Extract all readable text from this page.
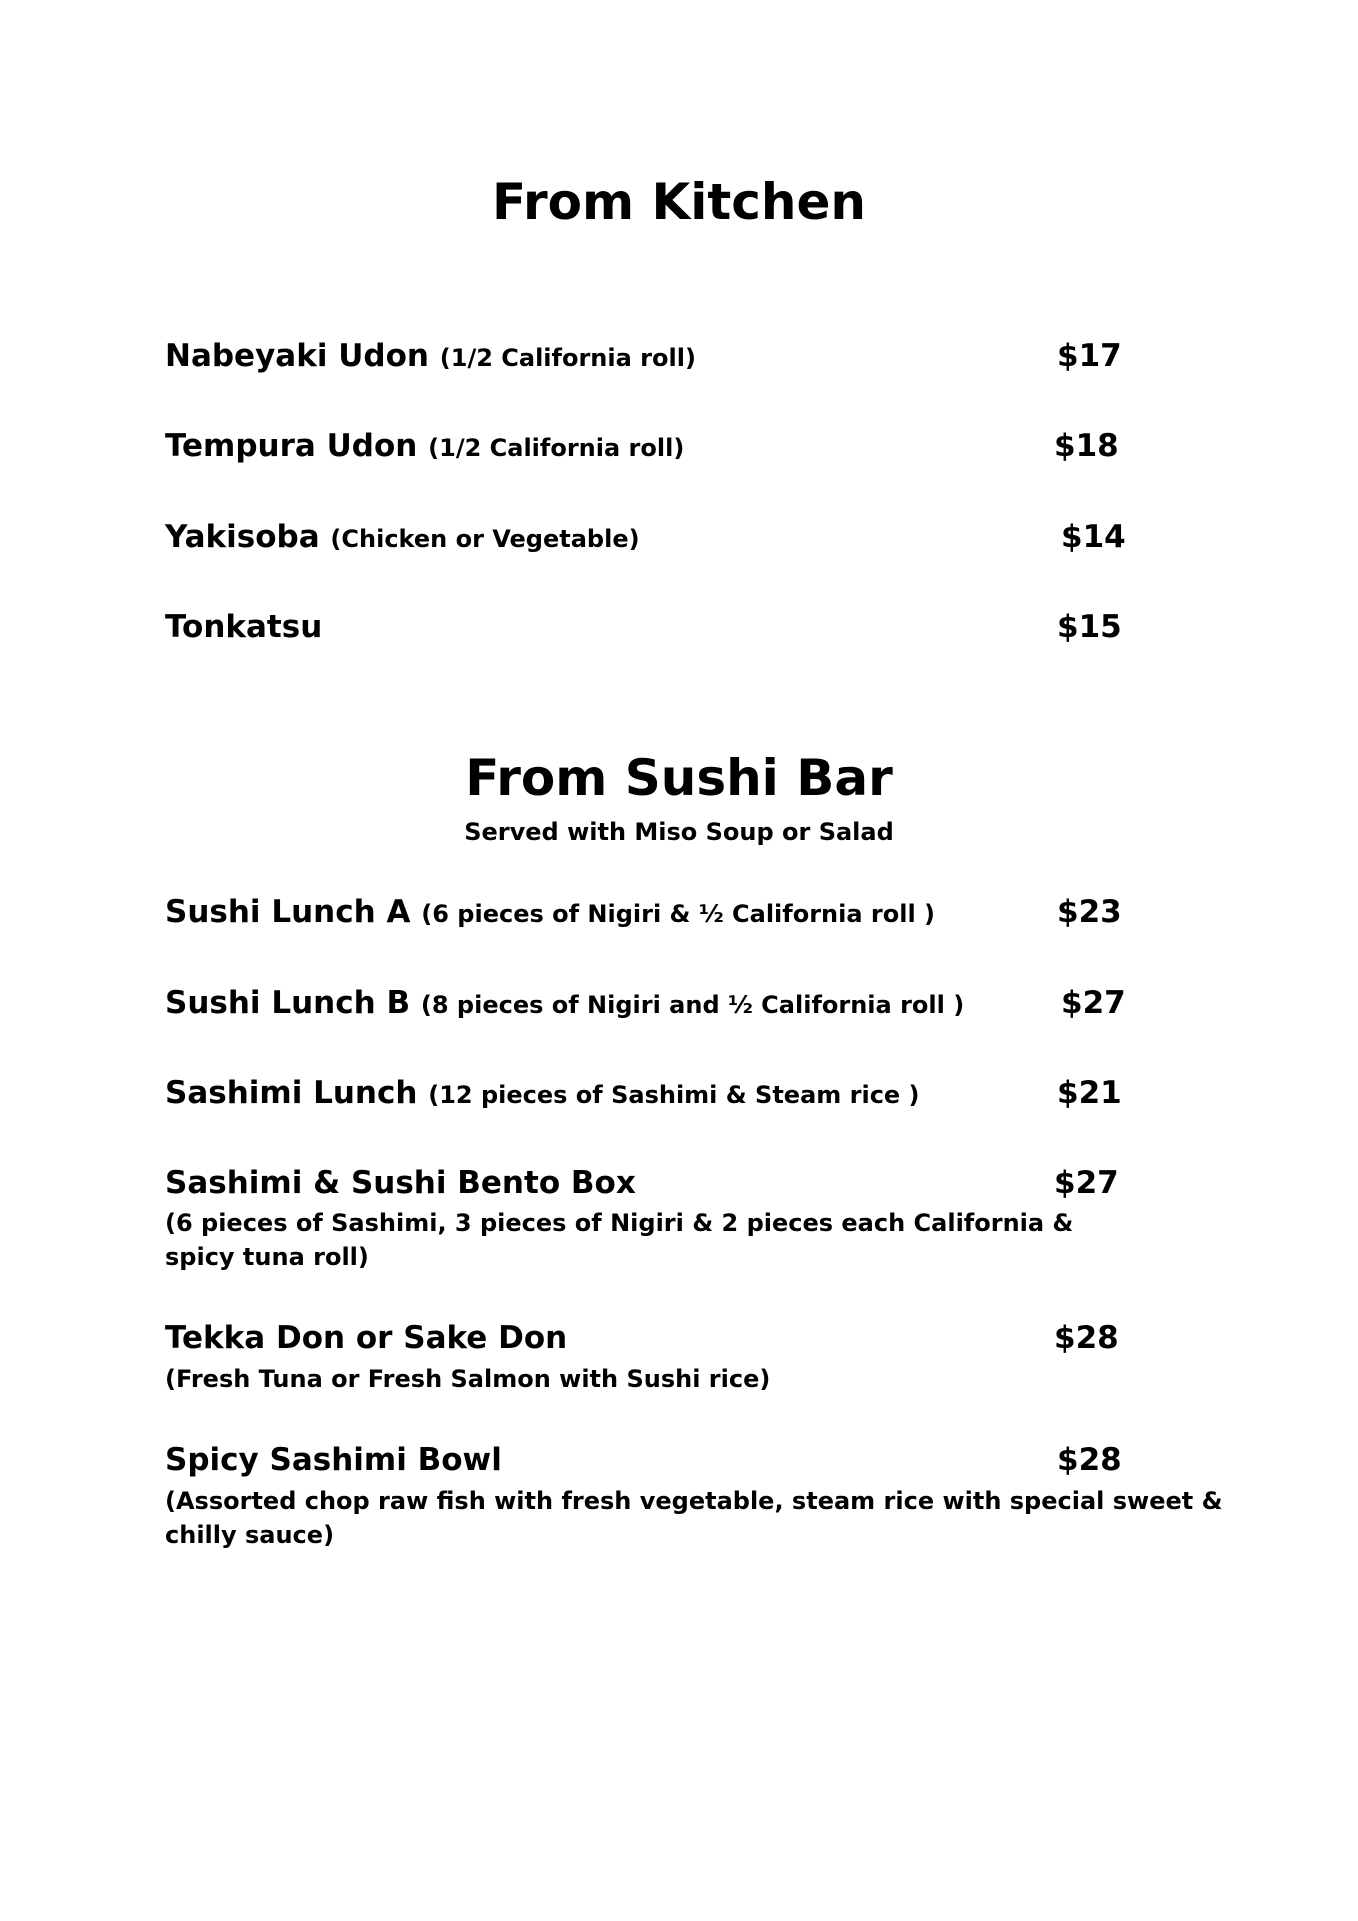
From Kitchen
Nabeyaki Udon (1/2 California roll)	$17
Tempura Udon (1/2 California roll)	$18
Yakisoba (Chicken or Vegetable)	$14
Tonkatsu	$15
From Sushi Bar
Served with Miso Soup or Salad
Sushi Lunch A (6 pieces of Nigiri & ½ California roll )	$23
Sushi Lunch B (8 pieces of Nigiri and ½ California roll )	$27
Sashimi Lunch (12 pieces of Sashimi & Steam rice )	$21
Sashimi & Sushi Bento Box	$27
(6 pieces of Sashimi, 3 pieces of Nigiri & 2 pieces each California &
spicy tuna roll)
Tekka Don or Sake Don	$28
(Fresh Tuna or Fresh Salmon with Sushi rice)
Spicy Sashimi Bowl	$28
(Assorted chop raw fish with fresh vegetable, steam rice with special sweet &
chilly sauce)
